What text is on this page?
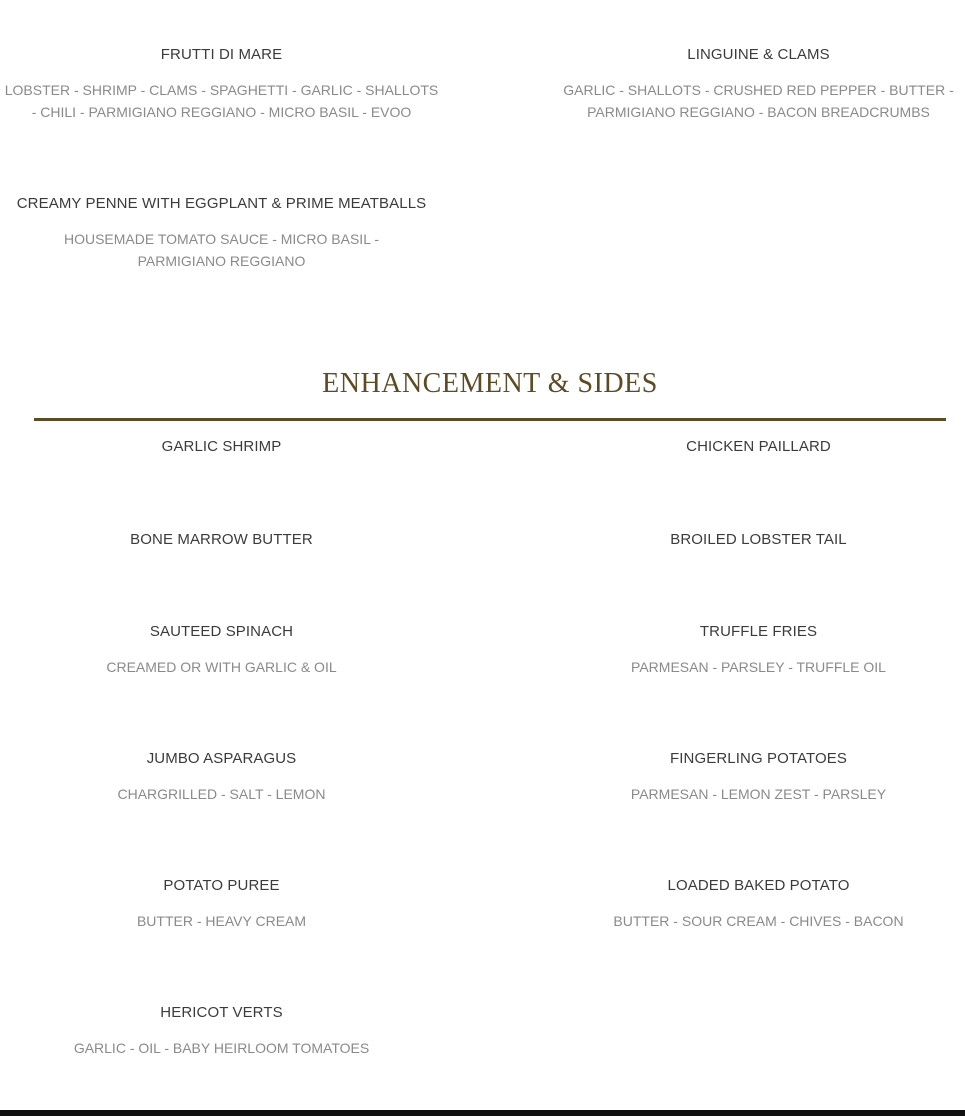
FRUTTI DI MARE
LOBSTER - SHRIMP - CLAMS - SPAGHETTI - GARLIC - SHALLOTS
- CHILI - PARMIGIANO REGGIANO - MICRO BASIL - EVOO
LINGUINE & CLAMS
GARLIC - SHALLOTS - CRUSHED RED PEPPER - BUTTER -
PARMIGIANO REGGIANO - BACON BREADCRUMBS
CREAMY PENNE WITH EGGPLANT & PRIME MEATBALLS
HOUSEMADE TOMATO SAUCE - MICRO BASIL -
PARMIGIANO REGGIANO
ENHANCEMENT & SIDES
GARLIC SHRIMP	CHICKEN PAILLARD
BONE MARROW BUTTER	BROILED LOBSTER TAIL
SAUTEED SPINACH
CREAMED OR WITH GARLIC & OIL
TRUFFLE FRIES
PARMESAN - PARSLEY - TRUFFLE OIL
JUMBO ASPARAGUS
CHARGRILLED - SALT - LEMON
FINGERLING POTATOES
PARMESAN - LEMON ZEST - PARSLEY
POTATO PUREE
BUTTER - HEAVY CREAM
LOADED BAKED POTATO
BUTTER - SOUR CREAM - CHIVES - BACON
HERICOT VERTS
GARLIC - OIL - BABY HEIRLOOM TOMATOES
